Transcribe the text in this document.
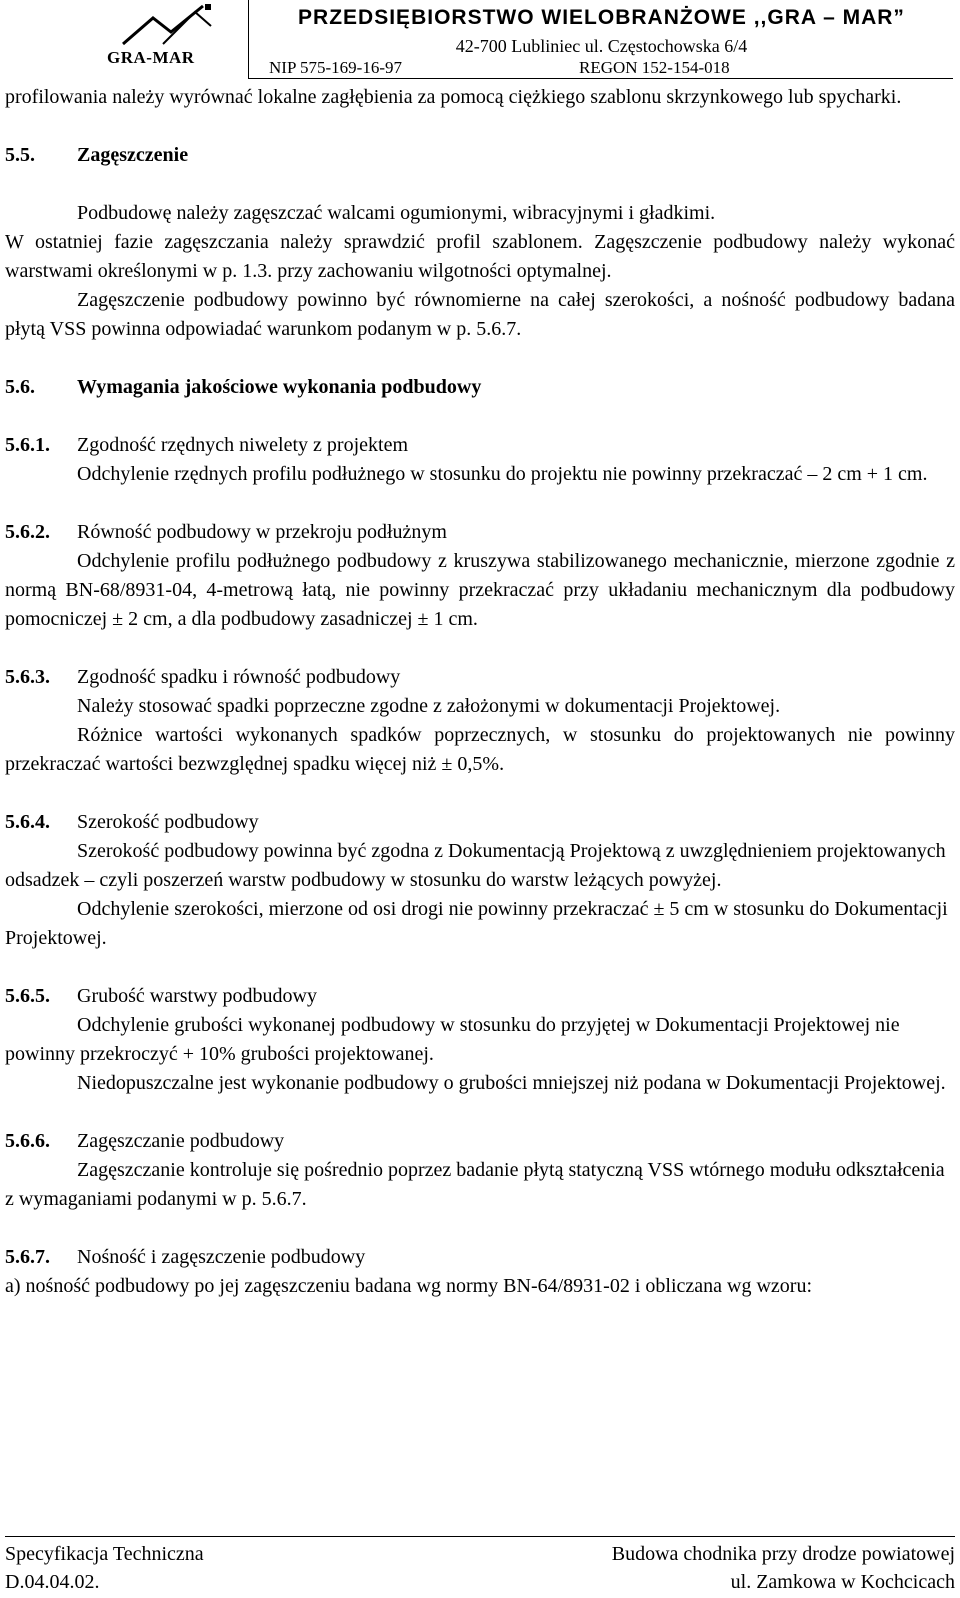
GRA-MAR
PRZEDSIĘBIORSTWO WIELOBRANŻOWE ,,GRA – MAR”
42-700 Lubliniec ul. Częstochowska 6/4
NIP 575-169-16-97	REGON 152-154-018

profilowania należy wyrównać lokalne zagłębienia za pomocą ciężkiego szablonu skrzynkowego lub spycharki.

5.5.	Zagęszczenie

Podbudowę należy zagęszczać walcami ogumionymi, wibracyjnymi i gładkimi.

W ostatniej fazie zagęszczania należy sprawdzić profil szablonem. Zagęszczenie podbudowy należy wykonać warstwami określonymi w p. 1.3. przy zachowaniu wilgotności optymalnej.

Zagęszczenie podbudowy powinno być równomierne na całej szerokości, a nośność podbudowy badana płytą VSS powinna odpowiadać warunkom podanym w p. 5.6.7.

5.6.	Wymagania jakościowe wykonania podbudowy
5.6.1.	Zgodność rzędnych niwelety z projektem

Odchylenie rzędnych profilu podłużnego w stosunku do projektu nie powinny przekraczać – 2 cm + 1 cm.

5.6.2.	Równość podbudowy w przekroju podłużnym

Odchylenie profilu podłużnego podbudowy z kruszywa stabilizowanego mechanicznie, mierzone zgodnie z normą BN-68/8931-04, 4-metrową łatą, nie powinny przekraczać przy układaniu mechanicznym dla podbudowy pomocniczej ± 2 cm, a dla podbudowy zasadniczej ± 1 cm.

5.6.3.	Zgodność spadku i równość podbudowy

Należy stosować spadki poprzeczne zgodne z założonymi w dokumentacji Projektowej.

Różnice wartości wykonanych spadków poprzecznych, w stosunku do projektowanych nie powinny przekraczać wartości bezwzględnej spadku więcej niż ± 0,5%.

5.6.4.	Szerokość podbudowy

Szerokość podbudowy powinna być zgodna z Dokumentacją Projektową z uwzględnieniem projektowanych odsadzek – czyli poszerzeń warstw podbudowy w stosunku do warstw leżących powyżej.

Odchylenie szerokości, mierzone od osi drogi nie powinny przekraczać ± 5 cm w stosunku do Dokumentacji Projektowej.

5.6.5.	Grubość warstwy podbudowy

Odchylenie grubości wykonanej podbudowy w stosunku do przyjętej w Dokumentacji Projektowej nie powinny przekroczyć + 10% grubości projektowanej.

Niedopuszczalne jest wykonanie podbudowy o grubości mniejszej niż podana w Dokumentacji Projektowej.

5.6.6.	Zagęszczanie podbudowy

Zagęszczanie kontroluje się pośrednio poprzez badanie płytą statyczną VSS wtórnego modułu odkształcenia z wymaganiami podanymi w p. 5.6.7.

5.6.7.	Nośność i zagęszczenie podbudowy

a) nośność podbudowy po jej zagęszczeniu badana wg normy BN-64/8931-02 i obliczana wg wzoru:

Specyfikacja Techniczna
D.04.04.02.
Budowa chodnika przy drodze powiatowej
ul. Zamkowa w Kochcicach
